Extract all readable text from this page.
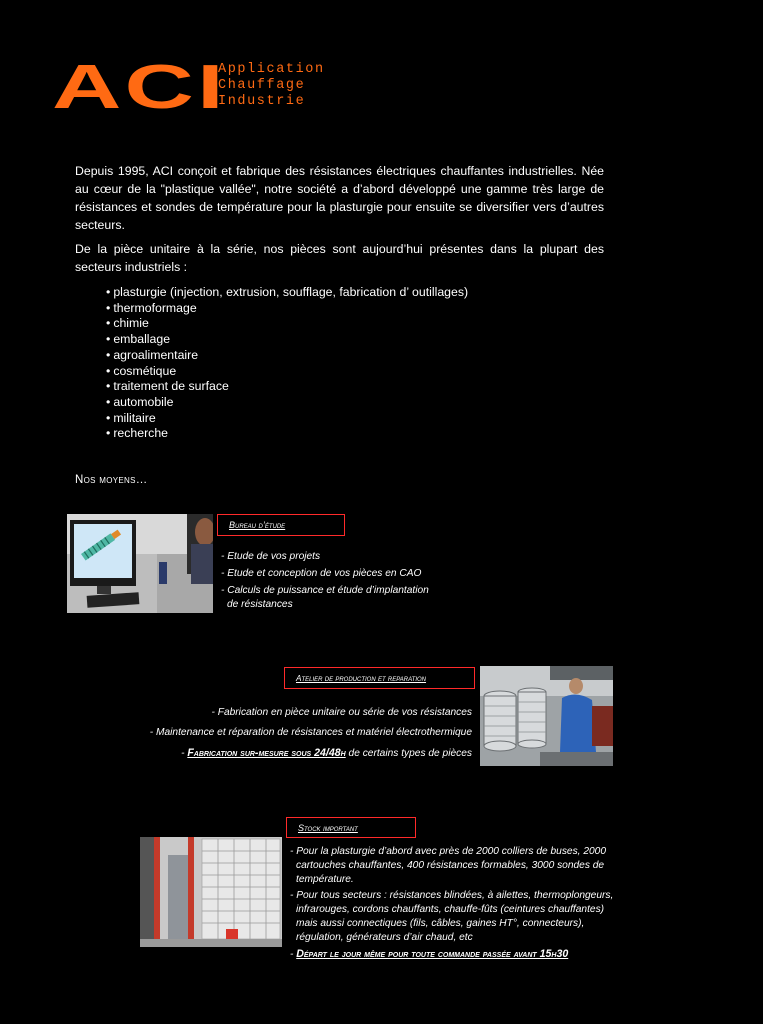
ACI
Application
Chauffage
Industrie

Depuis 1995, ACI conçoit et fabrique des résistances électriques chauffantes industrielles. Née au cœur de la "plastique vallée", notre société a d’abord développé une gamme très large de résistances et sondes de température pour la plasturgie pour ensuite se diversifier vers d’autres secteurs.

De la pièce unitaire à la série, nos pièces sont aujourd’hui présentes dans la plupart des secteurs industriels :

• plasturgie (injection, extrusion, soufflage, fabrication d’ outillages)
• thermoformage
• chimie
• emballage
• agroalimentaire
• cosmétique
• traitement de surface
• automobile
• militaire
• recherche
Nos moyens…
Bureau d’étude
- Etude de vos projets
- Etude et conception de vos pièces en CAO
- Calculs de puissance et étude d’implantation
de résistances
Atelier de production et reparation
- Fabrication en pièce unitaire ou série de vos résistances
- Maintenance et réparation de résistances et matériel électrothermique
- Fabrication sur-mesure sous 24/48h de certains types de pièces
Stock important
- Pour la plasturgie d’abord avec près de 2000 colliers de buses, 2000
cartouches chauffantes, 400 résistances formables, 3000 sondes de
température.
- Pour tous secteurs : résistances blindées, à ailettes, thermoplongeurs,
infrarouges, cordons chauffants, chauffe-fûts (ceintures chauffantes)
mais aussi connectiques (fils, câbles, gaines HT°, connecteurs),
régulation, générateurs d’air chaud, etc
- Départ le jour même pour toute commande passée avant 15h30
